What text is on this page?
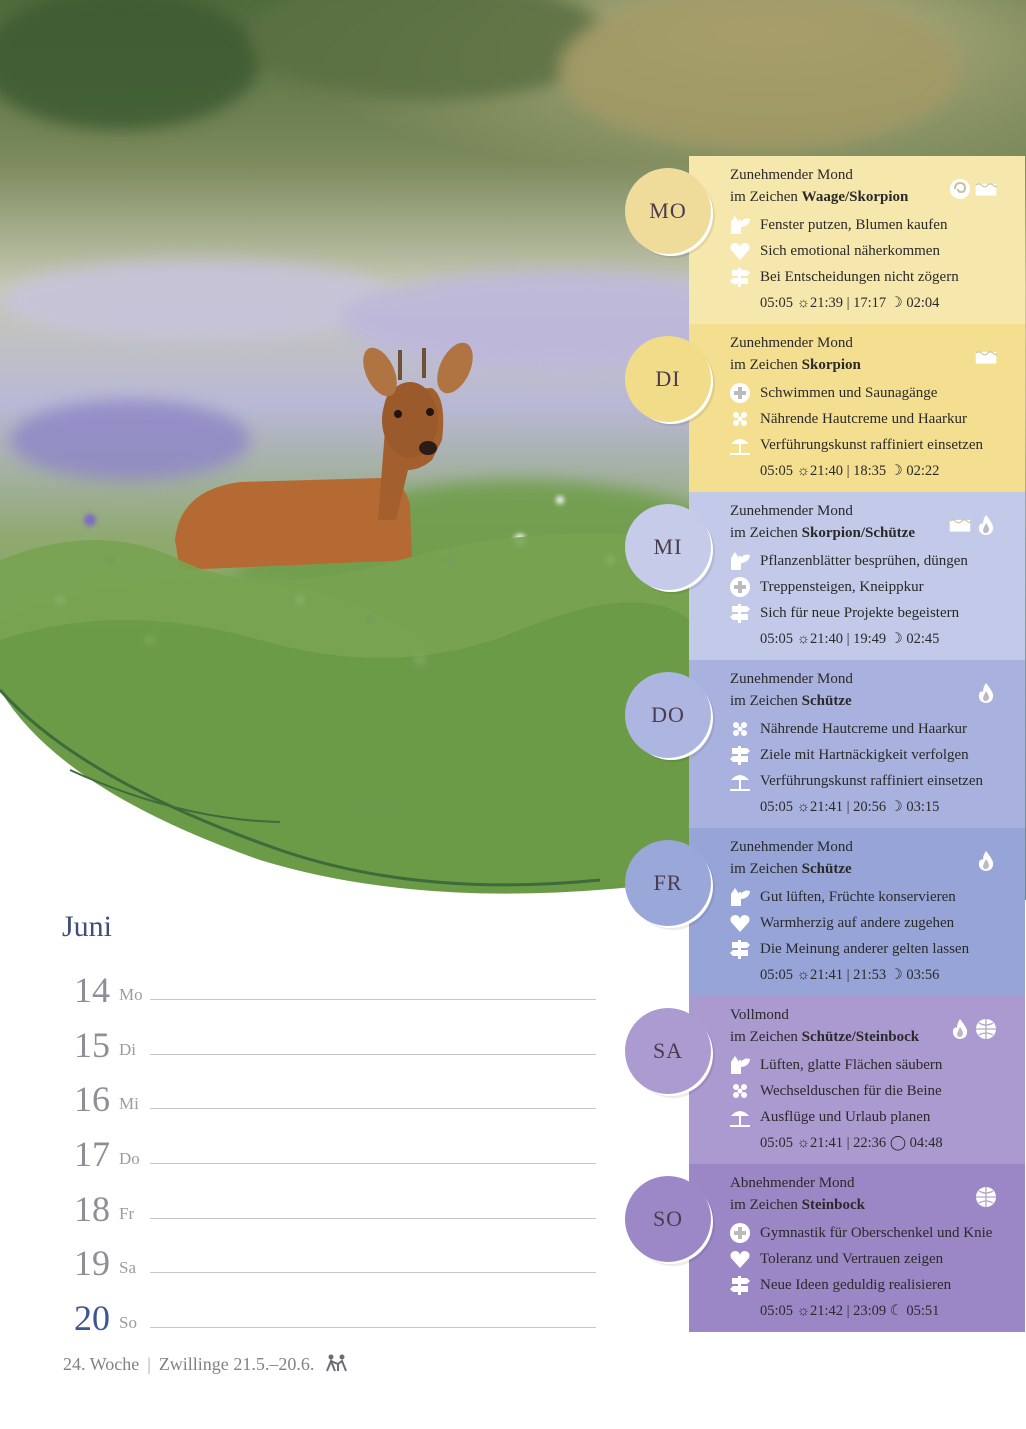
MO
Zunehmender Mond
im Zeichen Waage/Skorpion
Fenster putzen, Blumen kaufen
Sich emotional näherkommen
Bei Entscheidungen nicht zögern
05:05 ☼21:39 | 17:17 ☽ 02:04
DI
Zunehmender Mond
im Zeichen Skorpion
Schwimmen und Saunagänge
Nährende Hautcreme und Haarkur
Verführungskunst raffiniert einsetzen
05:05 ☼21:40 | 18:35 ☽ 02:22
MI
Zunehmender Mond
im Zeichen Skorpion/Schütze
Pflanzenblätter besprühen, düngen
Treppensteigen, Kneippkur
Sich für neue Projekte begeistern
05:05 ☼21:40 | 19:49 ☽ 02:45
DO
Zunehmender Mond
im Zeichen Schütze
Nährende Hautcreme und Haarkur
Ziele mit Hartnäckigkeit verfolgen
Verführungskunst raffiniert einsetzen
05:05 ☼21:41 | 20:56 ☽ 03:15
FR
Zunehmender Mond
im Zeichen Schütze
Gut lüften, Früchte konservieren
Warmherzig auf andere zugehen
Die Meinung anderer gelten lassen
05:05 ☼21:41 | 21:53 ☽ 03:56
SA
Vollmond
im Zeichen Schütze/Steinbock
Lüften, glatte Flächen säubern
Wechselduschen für die Beine
Ausflüge und Urlaub planen
05:05 ☼21:41 | 22:36 ◯ 04:48
SO
Abnehmender Mond
im Zeichen Steinbock
Gymnastik für Oberschenkel und Knie
Toleranz und Vertrauen zeigen
Neue Ideen geduldig realisieren
05:05 ☼21:42 | 23:09 ☾ 05:51
Juni
14 Mo
15 Di
16 Mi
17 Do
18 Fr
19 Sa
20 So
24. Woche | Zwillinge 21.5.–20.6.
